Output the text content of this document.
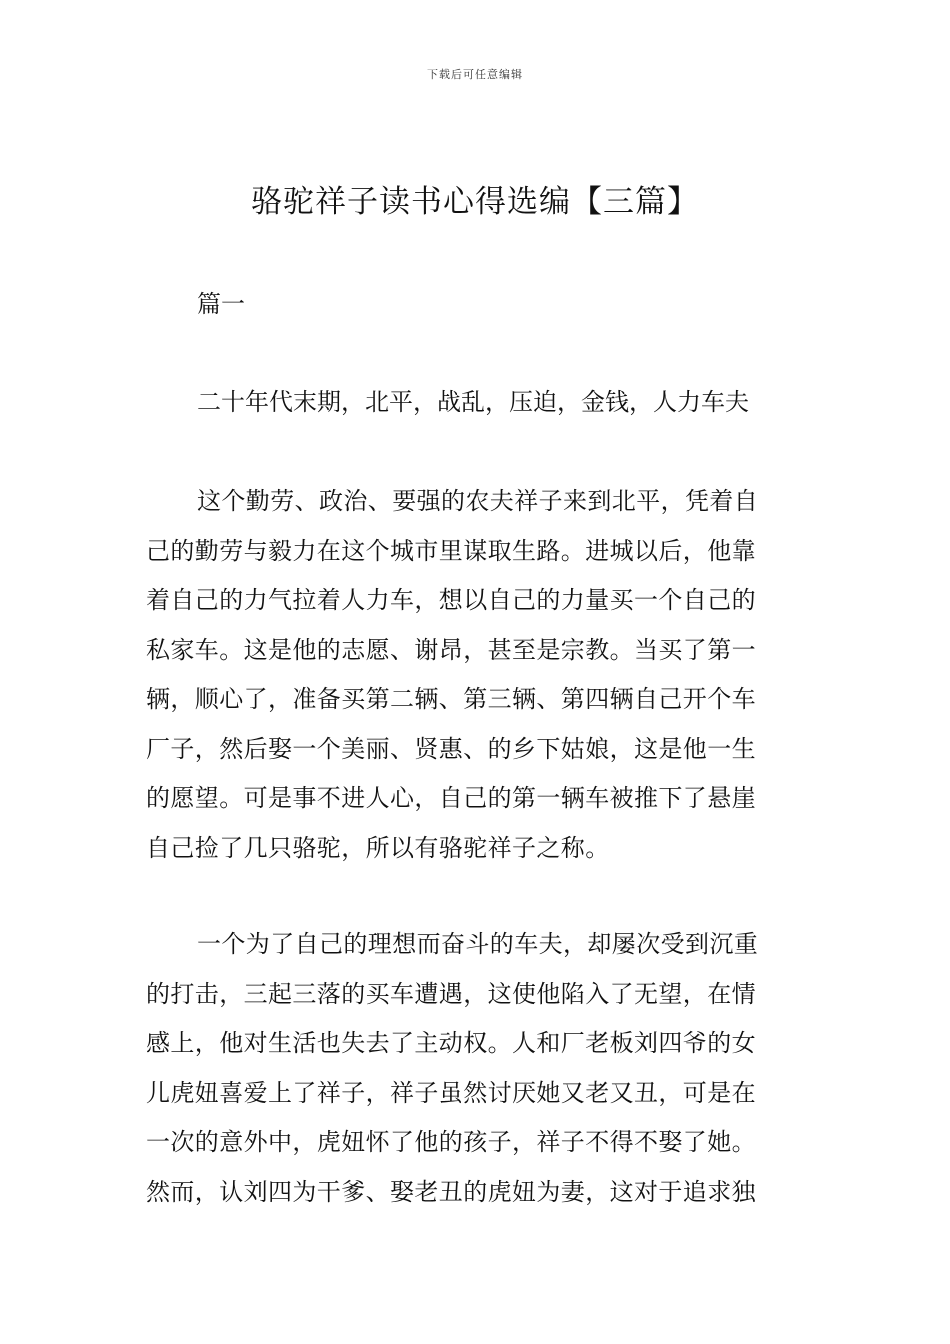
下载后可任意编辑
骆驼祥子读书心得选编【三篇】
篇一
二十年代末期，北平，战乱，压迫，金钱，人力车夫
这个勤劳、政治、要强的农夫祥子来到北平，凭着自
己的勤劳与毅力在这个城市里谋取生路。进城以后，他靠
着自己的力气拉着人力车，想以自己的力量买一个自己的
私家车。这是他的志愿、谢昂，甚至是宗教。当买了第一
辆，顺心了，准备买第二辆、第三辆、第四辆自己开个车
厂子，然后娶一个美丽、贤惠、的乡下姑娘，这是他一生
的愿望。可是事不进人心，自己的第一辆车被推下了悬崖
自己捡了几只骆驼，所以有骆驼祥子之称。
一个为了自己的理想而奋斗的车夫，却屡次受到沉重
的打击，三起三落的买车遭遇，这使他陷入了无望，在情
感上，他对生活也失去了主动权。人和厂老板刘四爷的女
儿虎妞喜爱上了祥子，祥子虽然讨厌她又老又丑，可是在
一次的意外中，虎妞怀了他的孩子，祥子不得不娶了她。
然而，认刘四为干爹、娶老丑的虎妞为妻，这对于追求独
